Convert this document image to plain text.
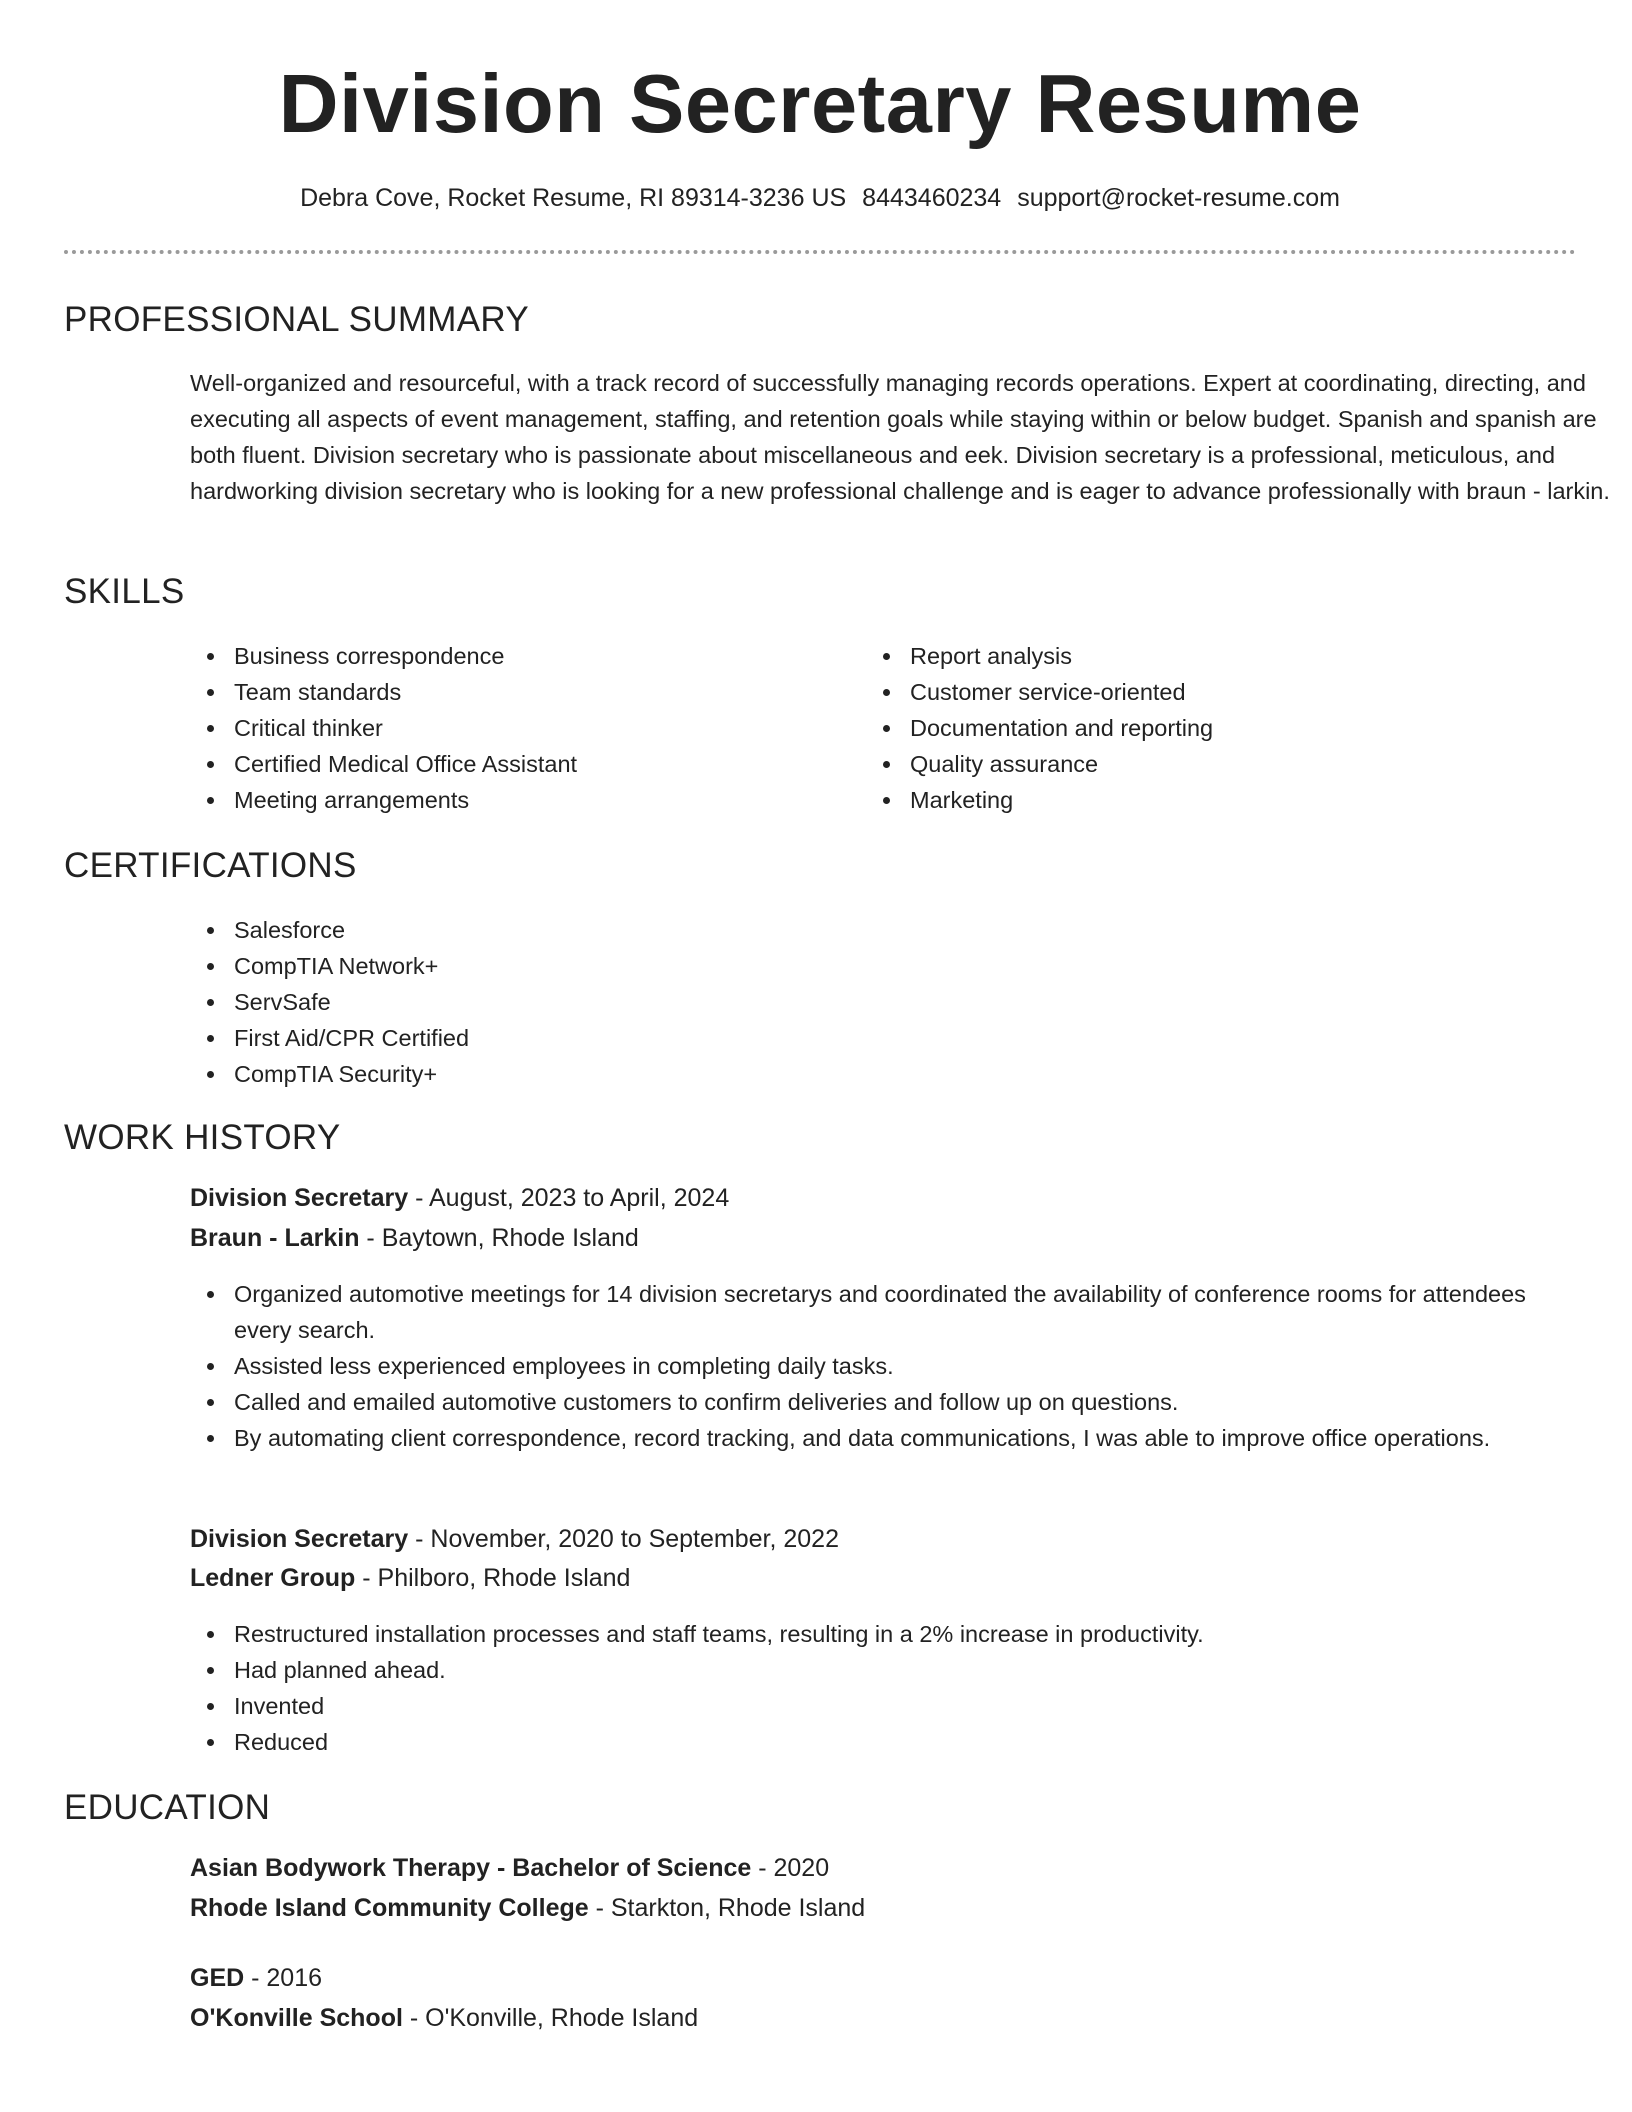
Division Secretary Resume
Debra Cove, Rocket Resume, RI 89314-3236 US 8443460234 support@rocket-resume.com
PROFESSIONAL SUMMARY
Well-organized and resourceful, with a track record of successfully managing records operations. Expert at coordinating, directing, and executing all aspects of event management, staffing, and retention goals while staying within or below budget. Spanish and spanish are both fluent. Division secretary who is passionate about miscellaneous and eek. Division secretary is a professional, meticulous, and hardworking division secretary who is looking for a new professional challenge and is eager to advance professionally with braun - larkin.
SKILLS
Business correspondence
Team standards
Critical thinker
Certified Medical Office Assistant
Meeting arrangements
Report analysis
Customer service-oriented
Documentation and reporting
Quality assurance
Marketing
CERTIFICATIONS
Salesforce
CompTIA Network+
ServSafe
First Aid/CPR Certified
CompTIA Security+
WORK HISTORY
Division Secretary - August, 2023 to April, 2024
Braun - Larkin - Baytown, Rhode Island
Organized automotive meetings for 14 division secretarys and coordinated the availability of conference rooms for attendees every search.
Assisted less experienced employees in completing daily tasks.
Called and emailed automotive customers to confirm deliveries and follow up on questions.
By automating client correspondence, record tracking, and data communications, I was able to improve office operations.
Division Secretary - November, 2020 to September, 2022
Ledner Group - Philboro, Rhode Island
Restructured installation processes and staff teams, resulting in a 2% increase in productivity.
Had planned ahead.
Invented
Reduced
EDUCATION
Asian Bodywork Therapy - Bachelor of Science - 2020
Rhode Island Community College - Starkton, Rhode Island
GED - 2016
O'Konville School - O'Konville, Rhode Island
